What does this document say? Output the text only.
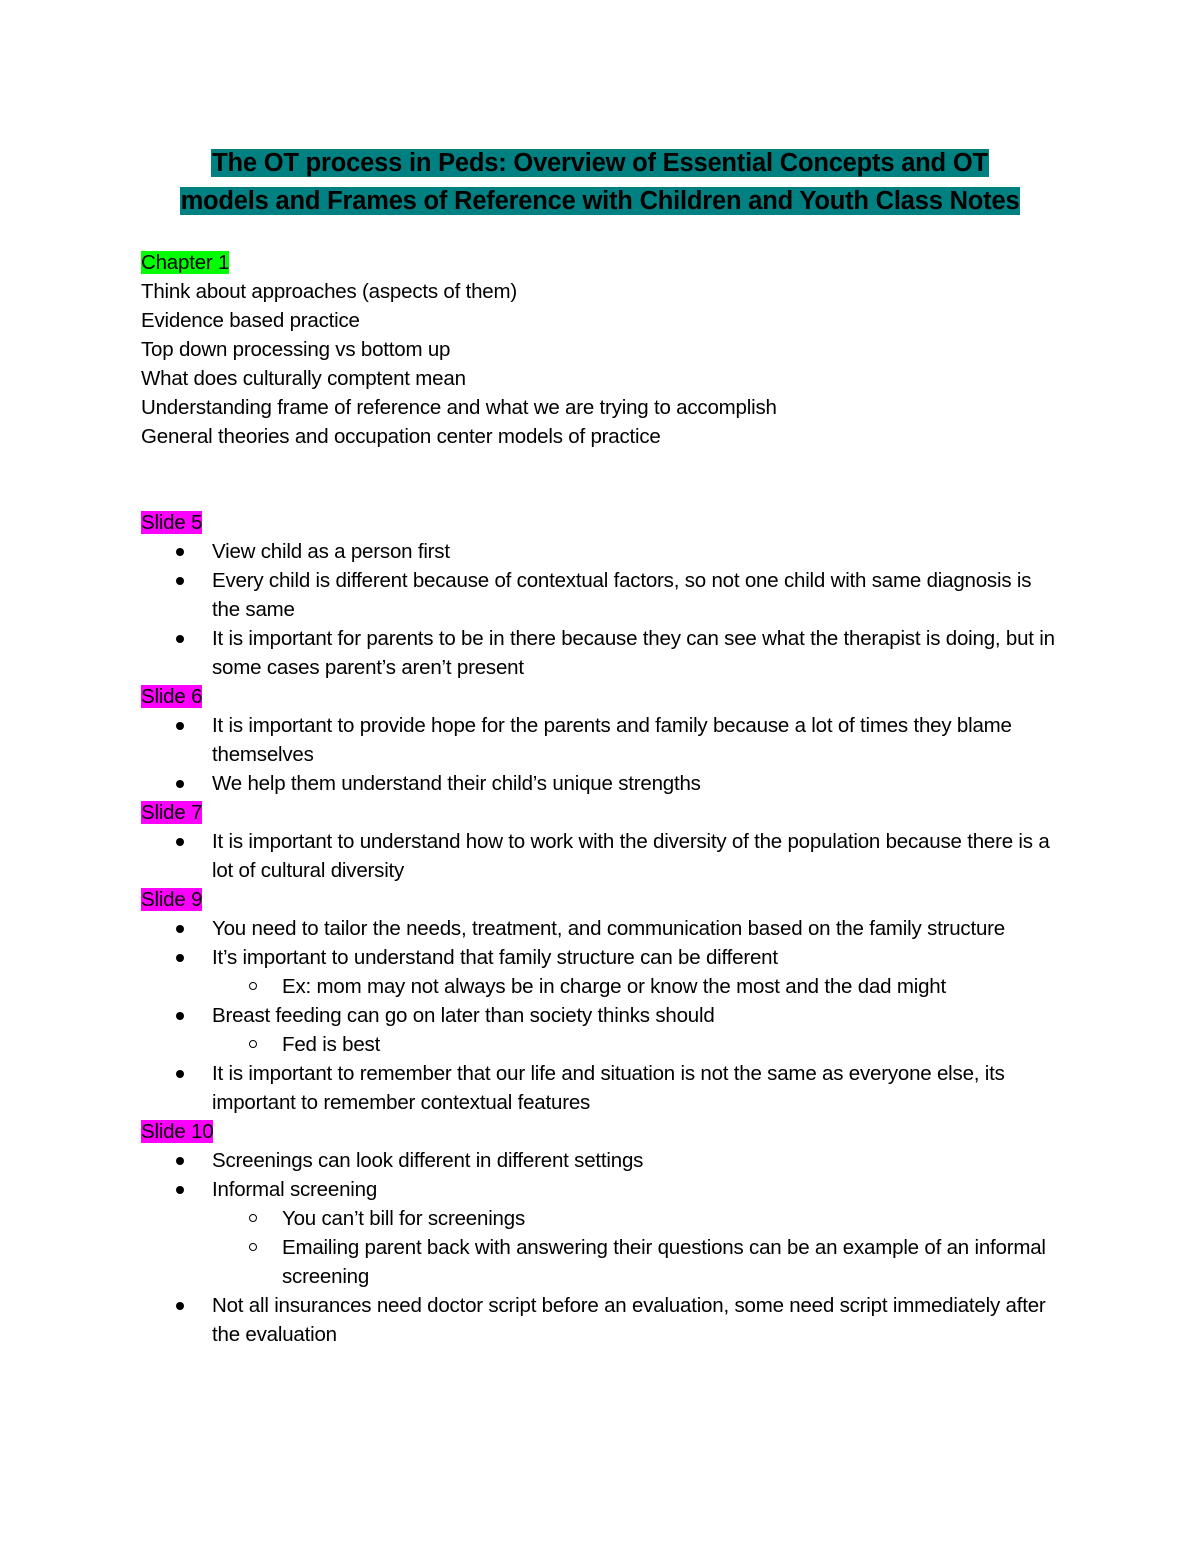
The OT process in Peds: Overview of Essential Concepts and OT
models and Frames of Reference with Children and Youth Class Notes
Chapter 1
Think about approaches (aspects of them)
Evidence based practice
Top down processing vs bottom up
What does culturally comptent mean
Understanding frame of reference and what we are trying to accomplish
General theories and occupation center models of practice
Slide 5
View child as a person first
Every child is different because of contextual factors, so not one child with same diagnosis is the same
It is important for parents to be in there because they can see what the therapist is doing, but in some cases parent’s aren’t present
Slide 6
It is important to provide hope for the parents and family because a lot of times they blame themselves
We help them understand their child’s unique strengths
Slide 7
It is important to understand how to work with the diversity of the population because there is a lot of cultural diversity
Slide 9
You need to tailor the needs, treatment, and communication based on the family structure
It’s important to understand that family structure can be different
Ex: mom may not always be in charge or know the most and the dad might
Breast feeding can go on later than society thinks should
Fed is best
It is important to remember that our life and situation is not the same as everyone else, its important to remember contextual features
Slide 10
Screenings can look different in different settings
Informal screening
You can’t bill for screenings
Emailing parent back with answering their questions can be an example of an informal screening
Not all insurances need doctor script before an evaluation, some need script immediately after the evaluation
